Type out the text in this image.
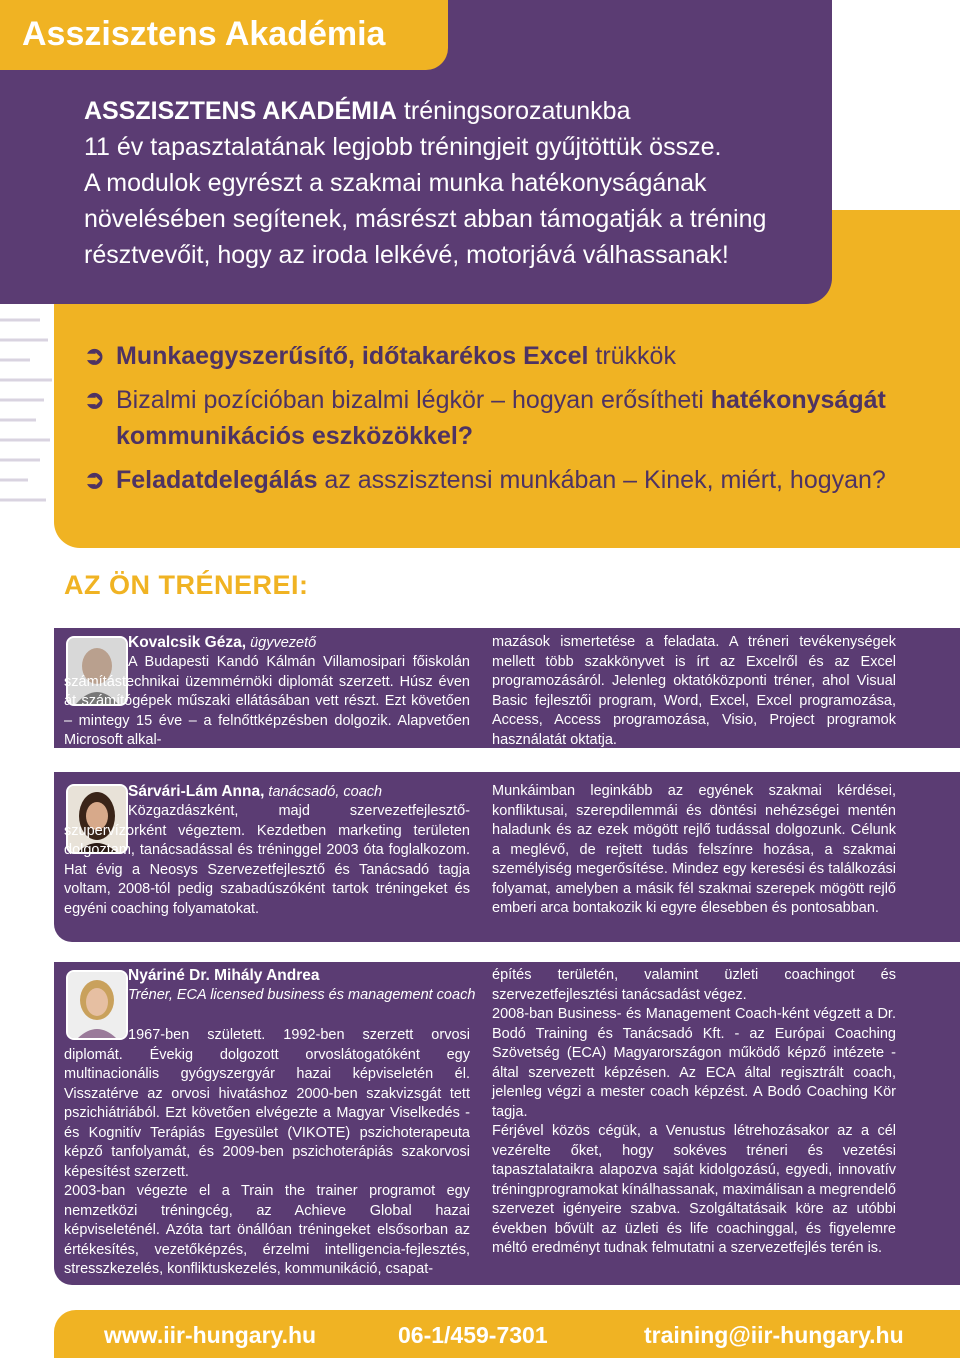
Asszisztens Akadémia

ASSZISZTENS AKADÉMIA tréningsorozatunkba

11 év tapasztalatának legjobb tréningjeit gyűjtöttük össze.

A modulok egyrészt a szakmai munka hatékonyságának

növelésében segítenek, másrészt abban támogatják a tréning

résztvevőit, hogy az iroda lelkévé, motorjává válhassanak!

➲ Munkaegyszerűsítő, időtakarékos Excel trükkök
➲ Bizalmi pozícióban bizalmi légkör – hogyan erősítheti hatékonyságát kommunikációs eszközökkel?
➲ Feladatdelegálás az asszisztensi munkában – Kinek, miért, hogyan?
AZ ÖN TRÉNEREI:

Kovalcsik Géza, ügyvezető

A Budapesti Kandó Kálmán Villamosipari főiskolán számítástechnikai üzemmérnöki diplomát szerzett. Húsz éven át számítógépek műszaki ellátásában vett részt. Ezt követően – mintegy 15 éve – a felnőttképzésben dolgozik. Alapvetően Microsoft alkal-
mazások ismertetése a feladata. A tréneri tevékenységek mellett több szakkönyvet is írt az Excelről és az Excel programozásáról. Jelenleg oktatóközponti tréner, ahol Visual Basic fejlesztői program, Word, Excel, Excel programozása, Access, Access programozása, Visio, Project programok használatát oktatja.

Sárvári-Lám Anna, tanácsadó, coach

Közgazdászként, majd szervezetfejlesztő-szupervízorként végeztem. Kezdetben marketing területen dolgoztam, tanácsadással és tréninggel 2003 óta foglalkozom. Hat évig a Neosys Szervezetfejlesztő és Tanácsadó tagja voltam, 2008-tól pedig szabadúszóként tartok tréningeket és egyéni coaching folyamatokat.
Munkáimban leginkább az egyének szakmai kérdései, konfliktusai, szerepdilemmái és döntési nehézségei mentén haladunk és az ezek mögött rejlő tudással dolgozunk. Célunk a meglévő, de rejtett tudás felszínre hozása, a szakmai személyiség megerősítése. Mindez egy keresési és találkozási folyamat, amelyben a másik fél szakmai szerepek mögött rejlő emberi arca bontakozik ki egyre élesebben és pontosabban.

Nyáriné Dr. Mihály Andrea

Tréner, ECA licensed business és management coach

1967-ben született. 1992-ben szerzett orvosi diplomát. Évekig dolgozott orvoslátogatóként egy multinacionális gyógyszergyár hazai képviseletén él. Visszatérve az orvosi hivatáshoz 2000-ben szakvizsgát tett pszichiátriából. Ezt követően elvégezte a Magyar Viselkedés - és Kognitív Terápiás Egyesület (VIKOTE) pszichoterapeuta képző tanfolyamát, és 2009-ben pszichoterápiás szakorvosi képesítést szerzett.
2003-ban végezte el a Train the trainer programot egy nemzetközi tréningcég, az Achieve Global hazai képviseleténél. Azóta tart önállóan tréningeket elsősorban az értékesítés, vezetőképzés, érzelmi intelligencia-fejlesztés, stresszkezelés, konfliktuskezelés, kommunikáció, csapat-

építés területén, valamint üzleti coachingot és szervezetfejlesztési tanácsadást végez.

2008-ban Business- és Management Coach-ként végzett a Dr. Bodó Training és Tanácsadó Kft. - az Európai Coaching Szövetség (ECA) Magyarországon működő képző intézete - által szervezett képzésen. Az ECA által regisztrált coach, jelenleg végzi a mester coach képzést. A Bodó Coaching Kör tagja.

Férjével közös cégük, a Venustus létrehozásakor az a cél vezérelte őket, hogy sokéves tréneri és vezetési tapasztalataikra alapozva saját kidolgozású, egyedi, innovatív tréningprogramokat kínálhassanak, maximálisan a megrendelő szervezet igényeire szabva. Szolgáltatásaik köre az utóbbi években bővült az üzleti és life coachinggal, és figyelemre méltó eredményt tudnak felmutatni a szervezetfejlés terén is.

www.iir-hungary.hu	06-1/459-7301	training@iir-hungary.hu
